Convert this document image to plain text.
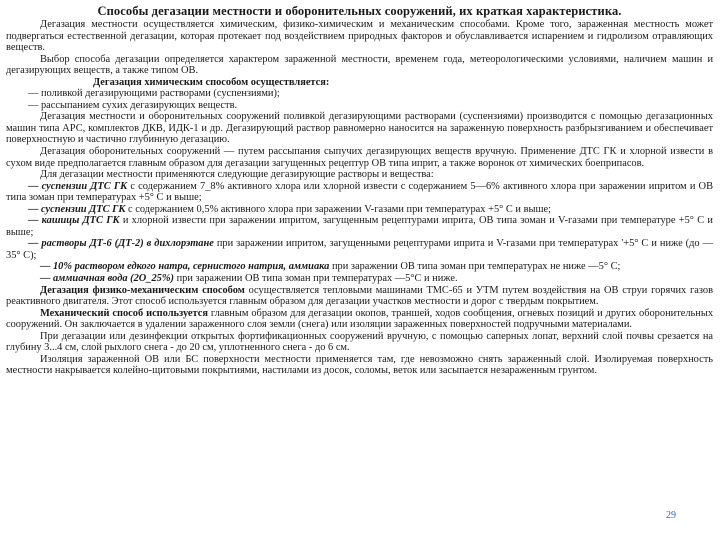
Способы дегазации местности и оборонительных сооружений, их краткая характеристика.

Дегазация местности осуществляется химическим, физико-химическим и механическим способами. Кроме того, зараженная местность может подвергаться естественной дегазации, которая протекает под воздействием природных факторов и обуславливается испарением и гидролизом отравляющих веществ.

Выбор способа дегазации определяется характером зараженной местности, временем года, метеорологическими условиями, наличием машин и дегазирующих веществ, а также типом ОВ.

Дегазация химическим способом осуществляется:

— поливкой дегазирующими растворами (суспензиями);

— рассыпанием сухих дегазирующих веществ.

Дегазация местности и оборонительных сооружений поливкой дегазирующими растворами (суспензиями) производится с помощью дегазационных машин типа АРС, комплектов ДКВ, ИДК-1 и др. Дегазирующий раствор равномерно наносится на зараженную поверхность разбрызгиванием и обеспечивает поверхностную и частично глубинную дегазацию.

Дегазация оборонительных сооружений — путем рассыпания сыпучих дегазирующих веществ вручную. Применение ДТС ГК и хлорной извести в сухом виде предполагается главным образом для дегазации загущенных рецептур ОВ типа иприт, а также воронок от химических боеприпасов.

Для дегазации местности применяются следующие дегазирующие растворы и вещества:

— суспензии ДТС ГК с содержанием 7_8% активного хлора или хлорной извести с содержанием 5—6% активного хлора при заражении ипритом и ОВ типа зоман при температурах +5° С и выше;

— суспензии ДТС ГК с содержанием 0,5% активного хлора при заражении V-газами при температурах +5° С и выше;

— кашицы ДТС ГК и хлорной извести при заражении ипритом, загущенным рецептурами иприта, ОВ типа зоман и V-газами при температуре +5° С и выше;

— растворы ДТ-6 (ДТ-2) в дихлорэтане при заражении ипритом, загущенными рецептурами иприта и V-газами при температурах '+5° С и ниже (до —35° С);

— 10% раствором едкого натра, сернистого натрия, аммиака при заражении ОВ типа зоман при температурах не ниже —5° С;

— аммиачная вода (2О_25%) при заражении ОВ типа зоман при температурах —5°С и ниже.

Дегазация физико-механическим способом осуществляется тепловыми машинами ТМС-65 и УТМ путем воздействия на ОВ струи горячих газов реактивного двигателя. Этот способ используется главным образом для дегазации участков местности и дорог с твердым покрытием.

Механический способ используется главным образом для дегазации окопов, траншей, ходов сообщения, огневых позиций и других оборонительных сооружений. Он заключается в удалении зараженного слоя земли (снега) или изоляции зараженных поверхностей подручными материалами.

При дегазации или дезинфекции открытых фортификационных сооружений вручную, с помощью саперных лопат, верхний слой почвы срезается на глубину 3...4 см, слой рыхлого снега - до 20 см, уплотненного снега - до 6 см.

Изоляция зараженной ОВ или БС поверхности местности применяется там, где невозможно снять зараженный слой. Изолируемая поверхность местности накрывается колейно-щитовыми покрытиями, настилами из досок, соломы, веток или засыпается незараженным грунтом.

29
